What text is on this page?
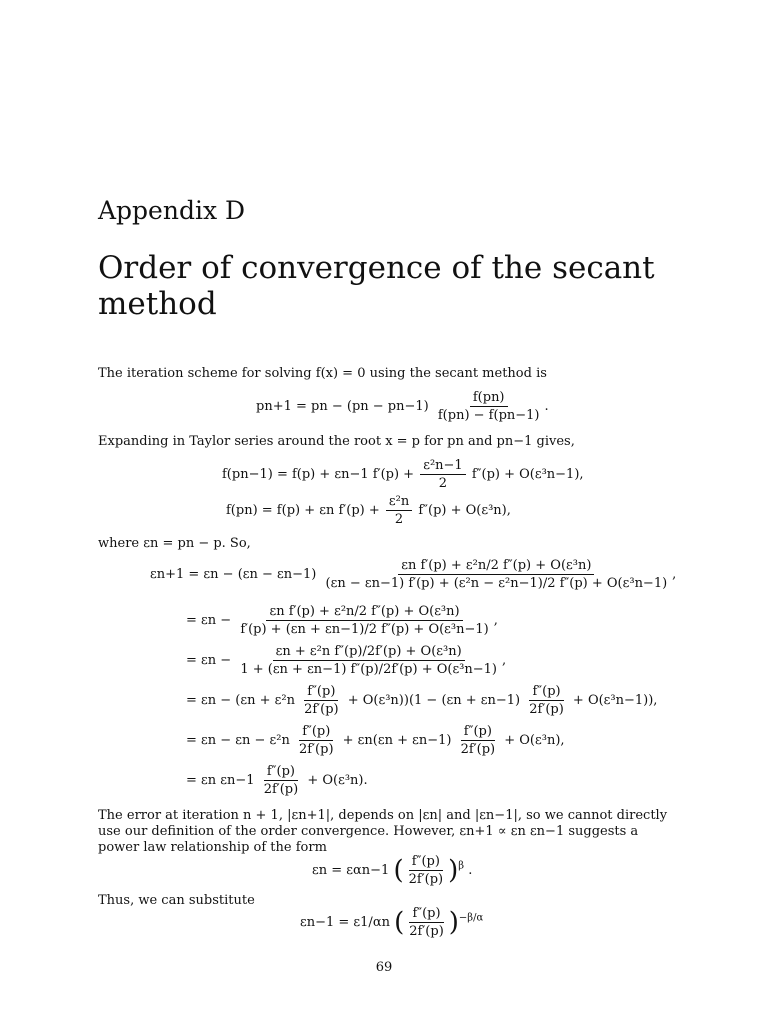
Appendix D
Order of convergence of the secant method
The iteration scheme for solving f(x) = 0 using the secant method is
pn+1 = pn − $(pn - pn-1) \frac{f(pn)}{f(pn) - f(pn-1)}$ .
Expanding in Taylor series around the root x = p for pn and pn−1 gives,
f(pn−1) = f(p) + εn−1 $f'(p) + \frac{\text{ε²n−1}}{2} f''(p) + O(\varepsilon^3n-1)$,
f(pn) = f(p) + εn $f'(p) + \frac{\text{ε²n}}{2} f''(p) + O(\varepsilon^3n)$,
where εn = pn − p. So,
$\varepsilon n+1 = \varepsilon n - (\varepsilon n - \varepsilon n-1) \frac{\text{εn f′(p) + ε²n/2 f″(p) + O(ε³n)}}{\text{(εn − εn−1) f′(p) + (ε²n − ε²n−1)/2 f″(p) + O(ε³n−1)}}$ ,
= $\varepsilon n - \frac{\text{εn f′(p) + ε²n/2 f″(p) + O(ε³n)}}{\text{f′(p) + (εn + εn−1)/2 f″(p) + O(ε³n−1)}}$ ,
= $\varepsilon n - \frac{\text{εn + ε²n f″(p)/2f′(p) + O(ε³n)}}{\text{1 + (εn + εn−1) f″(p)/2f′(p) + O(ε³n−1)}}$ ,
= $\varepsilon n - (\varepsilon n + \varepsilon^2n \frac{f''(p)}{2f'(p)} + O(\varepsilon^3n))(1 - (\varepsilon n + \varepsilon n-1) \frac{f''(p)}{2f'(p)} + O(\varepsilon^3n-1))$,
= $\varepsilon n - \varepsilon n - \varepsilon^2n \frac{f''(p)}{2f'(p)} + \varepsilon n(\varepsilon n + \varepsilon n-1) \frac{f''(p)}{2f'(p)} + O(\varepsilon^3n)$,
= εn $\varepsilon n-1 \frac{f''(p)}{2f'(p)} + O(\varepsilon^3n)$.
The error at iteration n + 1, |εn+1|, depends on |εn| and |εn−1|, so we cannot directly use our definition of the order convergence. However, εn+1 ∝ εn εn−1 suggests a power law relationship of the form
εn = εαn−1 ( $\frac{f''(p)}{2f'(p)} )^\beta$ .
Thus, we can substitute
εn−1 = ε1/αn ( $\frac{f''(p)}{2f'(p)} )^{-\beta/\alpha}$
69
